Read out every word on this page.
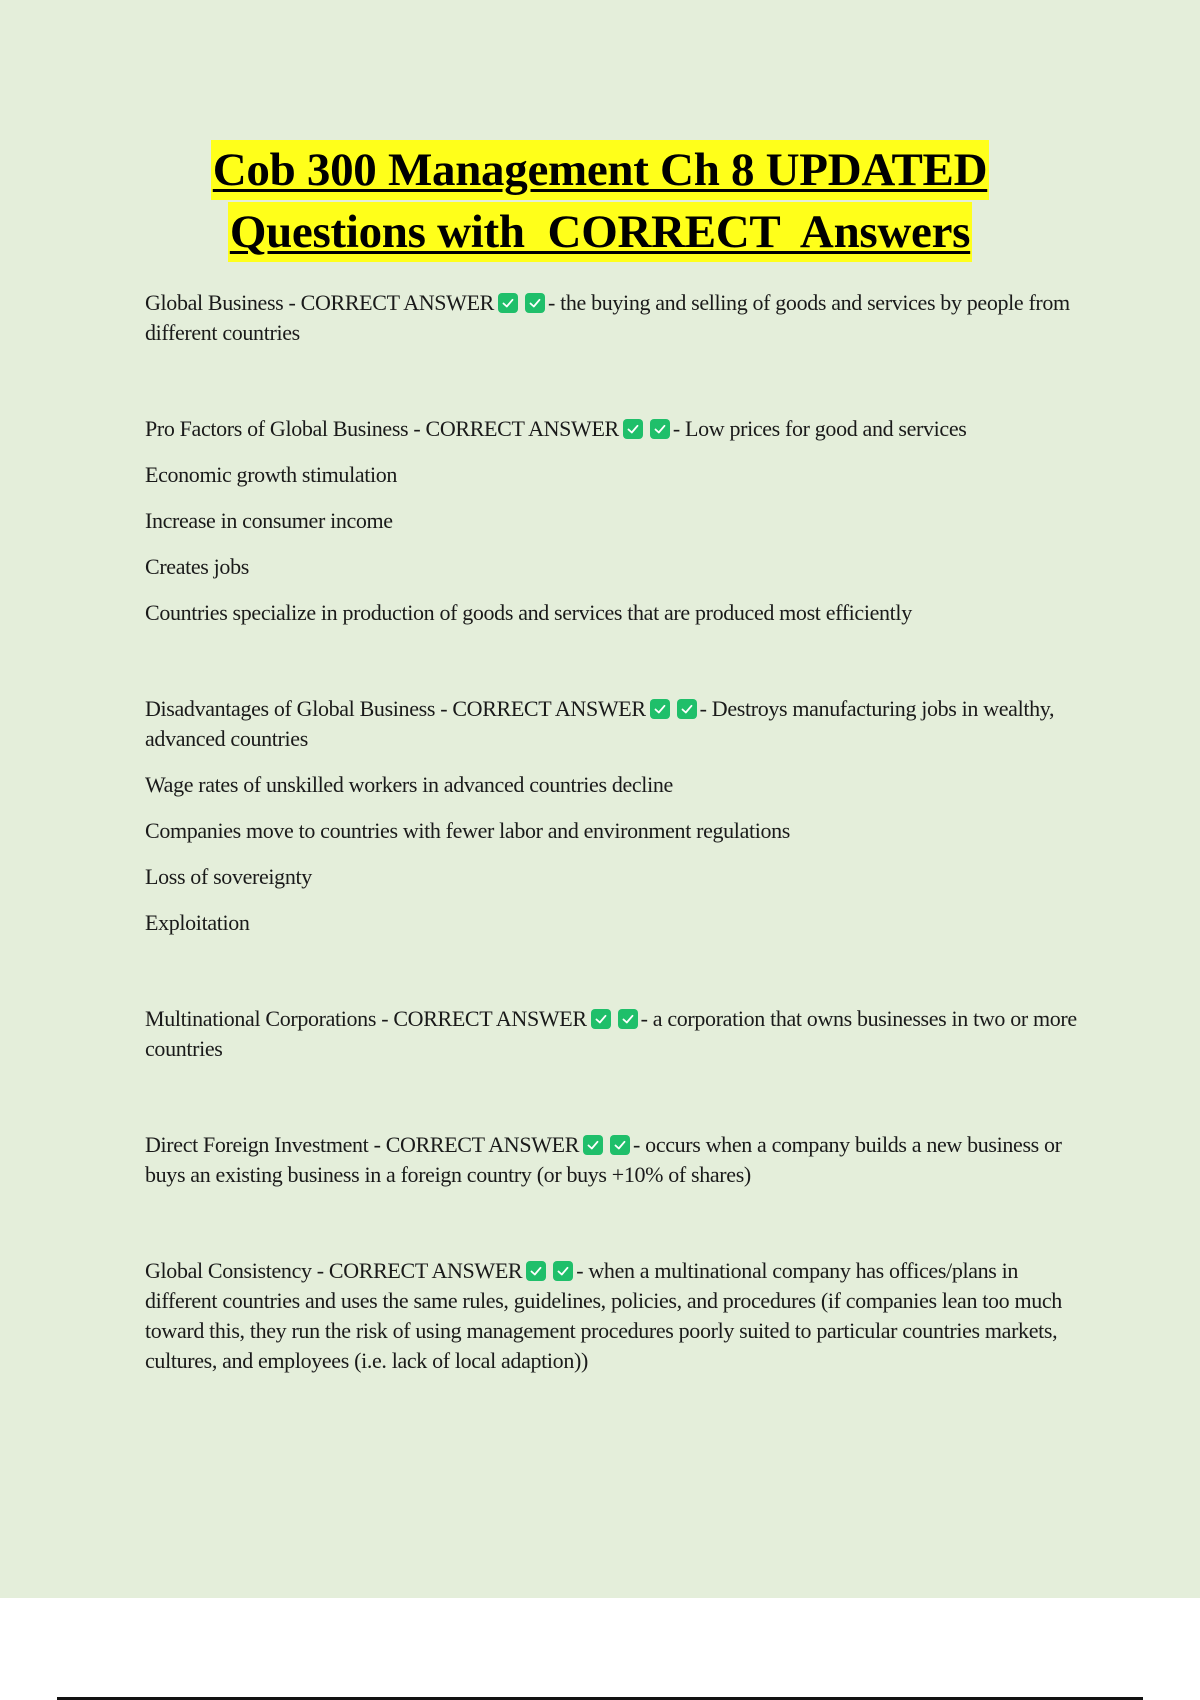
Cob 300 Management Ch 8 UPDATED
Questions with  CORRECT  Answers

Global Business - CORRECT ANSWER - the buying and selling of goods and services by people from different countries

Pro Factors of Global Business - CORRECT ANSWER - Low prices for good and services

Economic growth stimulation

Increase in consumer income

Creates jobs

Countries specialize in production of goods and services that are produced most efficiently

Disadvantages of Global Business - CORRECT ANSWER - Destroys manufacturing jobs in wealthy, advanced countries

Wage rates of unskilled workers in advanced countries decline

Companies move to countries with fewer labor and environment regulations

Loss of sovereignty

Exploitation

Multinational Corporations - CORRECT ANSWER - a corporation that owns businesses in two or more countries

Direct Foreign Investment - CORRECT ANSWER - occurs when a company builds a new business or buys an existing business in a foreign country (or buys +10% of shares)

Global Consistency - CORRECT ANSWER - when a multinational company has offices/plans in different countries and uses the same rules, guidelines, policies, and procedures (if companies lean too much toward this, they run the risk of using management procedures poorly suited to particular countries markets, cultures, and employees (i.e. lack of local adaption))
